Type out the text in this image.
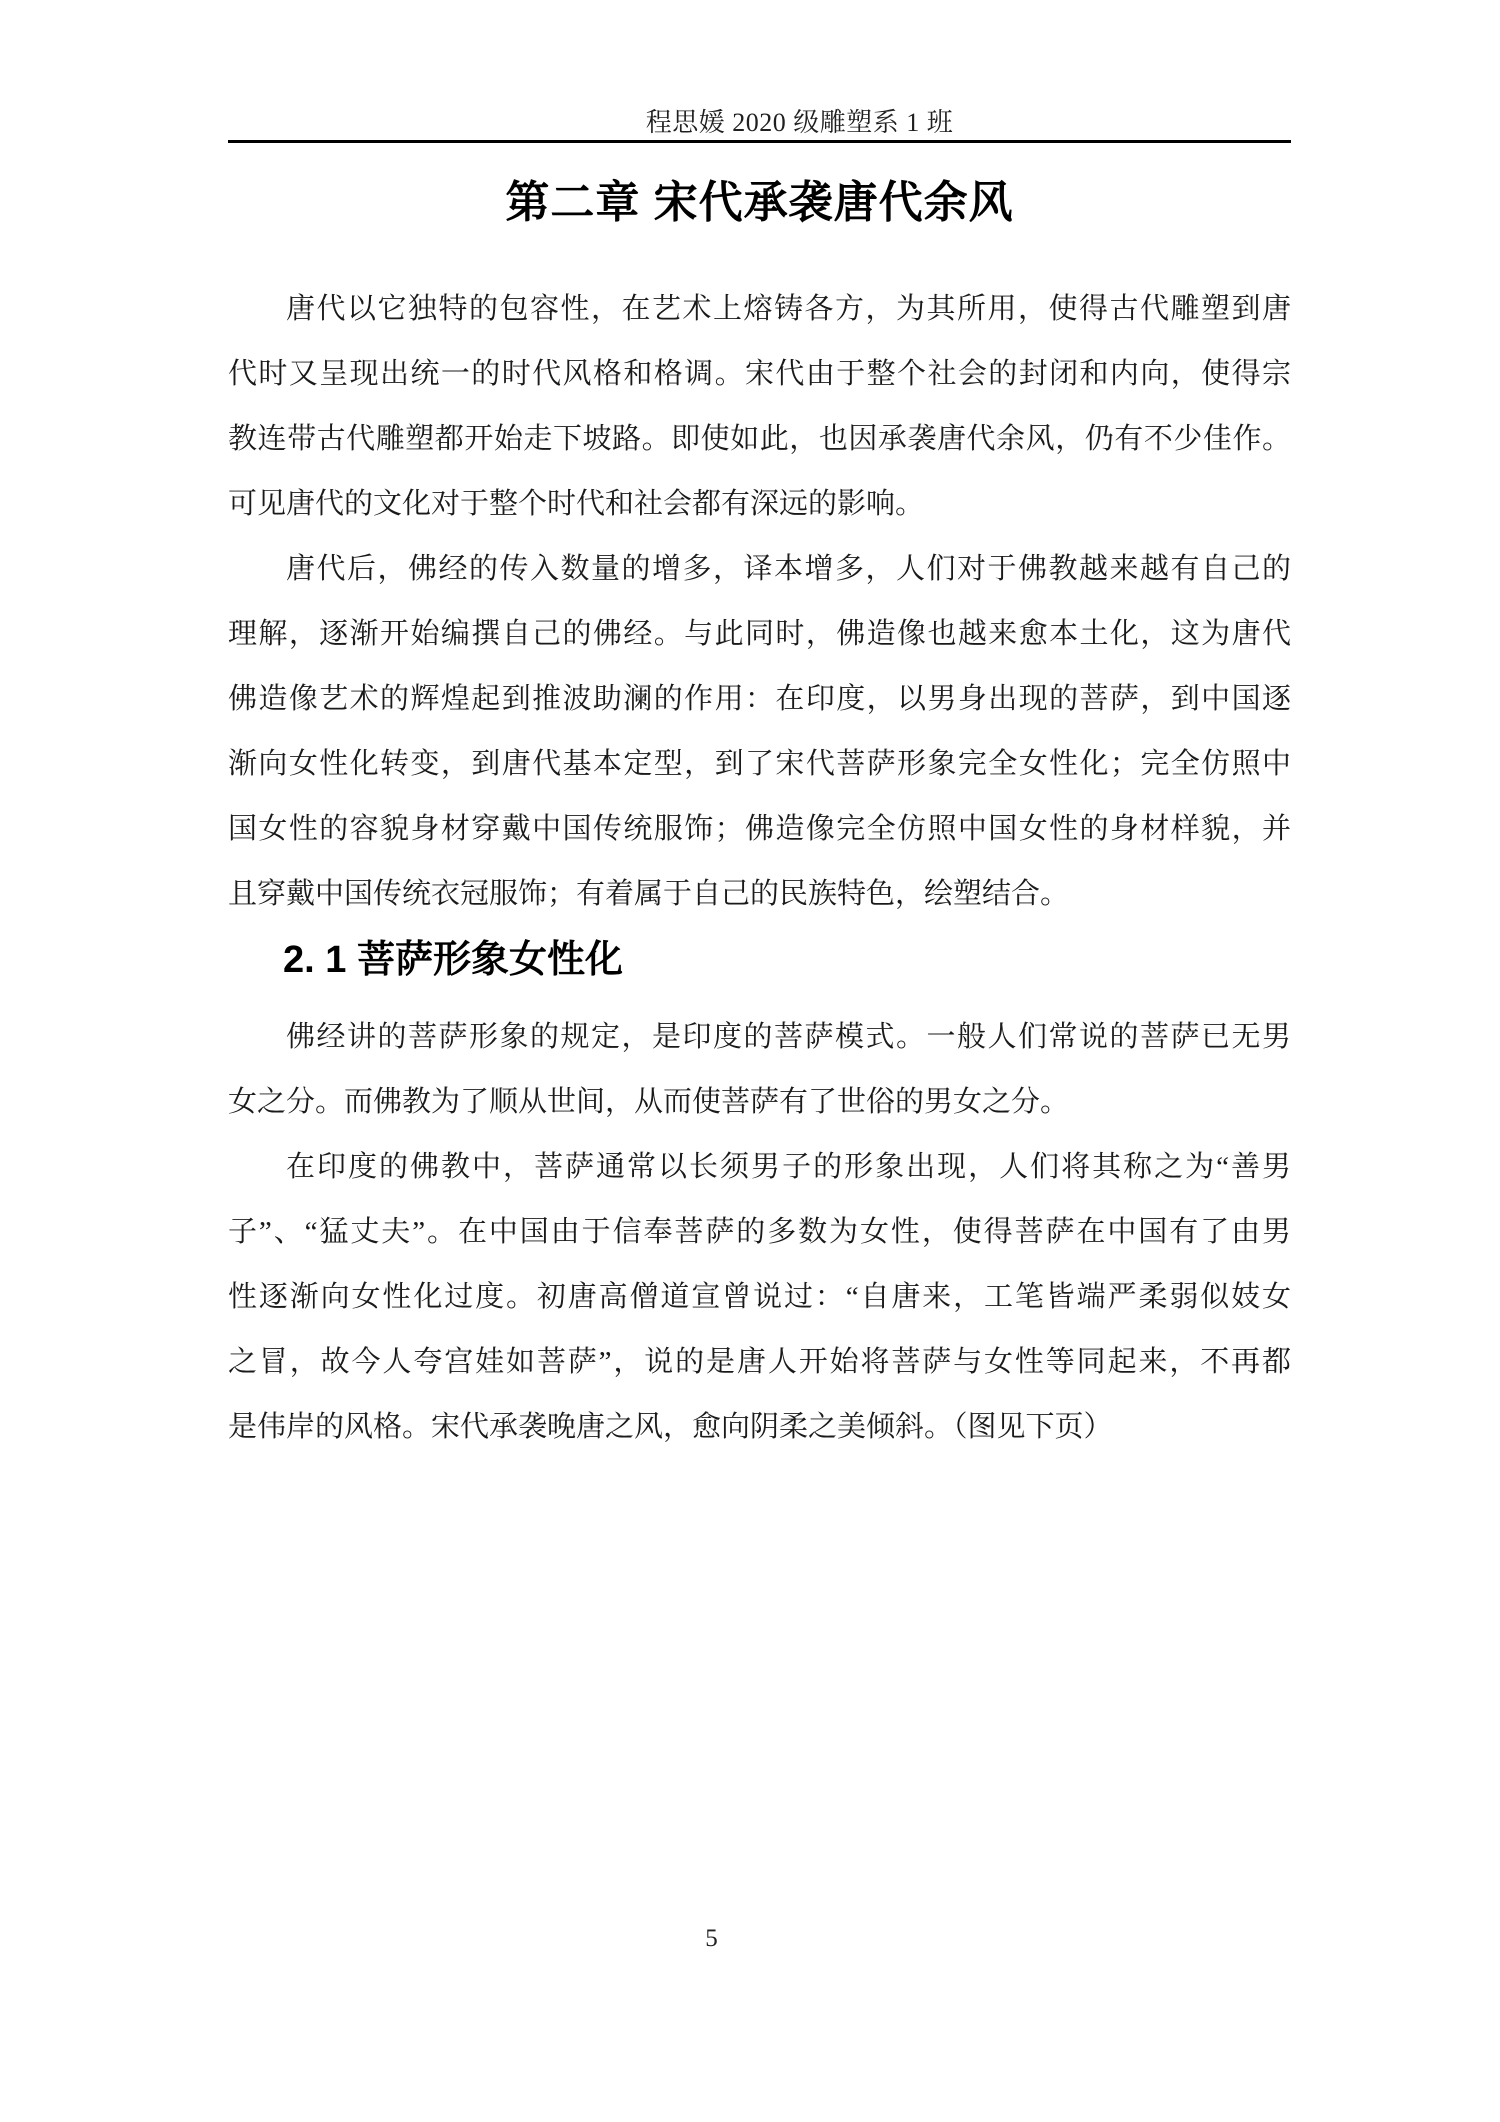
程思媛 2020 级雕塑系 1 班
第二章 宋代承袭唐代余风
唐代以它独特的包容性，在艺术上熔铸各方，为其所用，使得古代雕塑到唐
代时又呈现出统一的时代风格和格调。宋代由于整个社会的封闭和内向，使得宗
教连带古代雕塑都开始走下坡路。即使如此，也因承袭唐代余风，仍有不少佳作。
可见唐代的文化对于整个时代和社会都有深远的影响。
唐代后，佛经的传入数量的增多，译本增多，人们对于佛教越来越有自己的
理解，逐渐开始编撰自己的佛经。与此同时，佛造像也越来愈本土化，这为唐代
佛造像艺术的辉煌起到推波助澜的作用：在印度，以男身出现的菩萨，到中国逐
渐向女性化转变，到唐代基本定型，到了宋代菩萨形象完全女性化；完全仿照中
国女性的容貌身材穿戴中国传统服饰；佛造像完全仿照中国女性的身材样貌，并
且穿戴中国传统衣冠服饰；有着属于自己的民族特色，绘塑结合。
2. 1 菩萨形象女性化
佛经讲的菩萨形象的规定，是印度的菩萨模式。一般人们常说的菩萨已无男
女之分。而佛教为了顺从世间，从而使菩萨有了世俗的男女之分。
在印度的佛教中，菩萨通常以长须男子的形象出现，人们将其称之为“善男
子”、“猛丈夫”。在中国由于信奉菩萨的多数为女性，使得菩萨在中国有了由男
性逐渐向女性化过度。初唐高僧道宣曾说过：“自唐来，工笔皆端严柔弱似妓女
之冒，故今人夸宫娃如菩萨”，说的是唐人开始将菩萨与女性等同起来，不再都
是伟岸的风格。宋代承袭晚唐之风，愈向阴柔之美倾斜。（图见下页）
5
